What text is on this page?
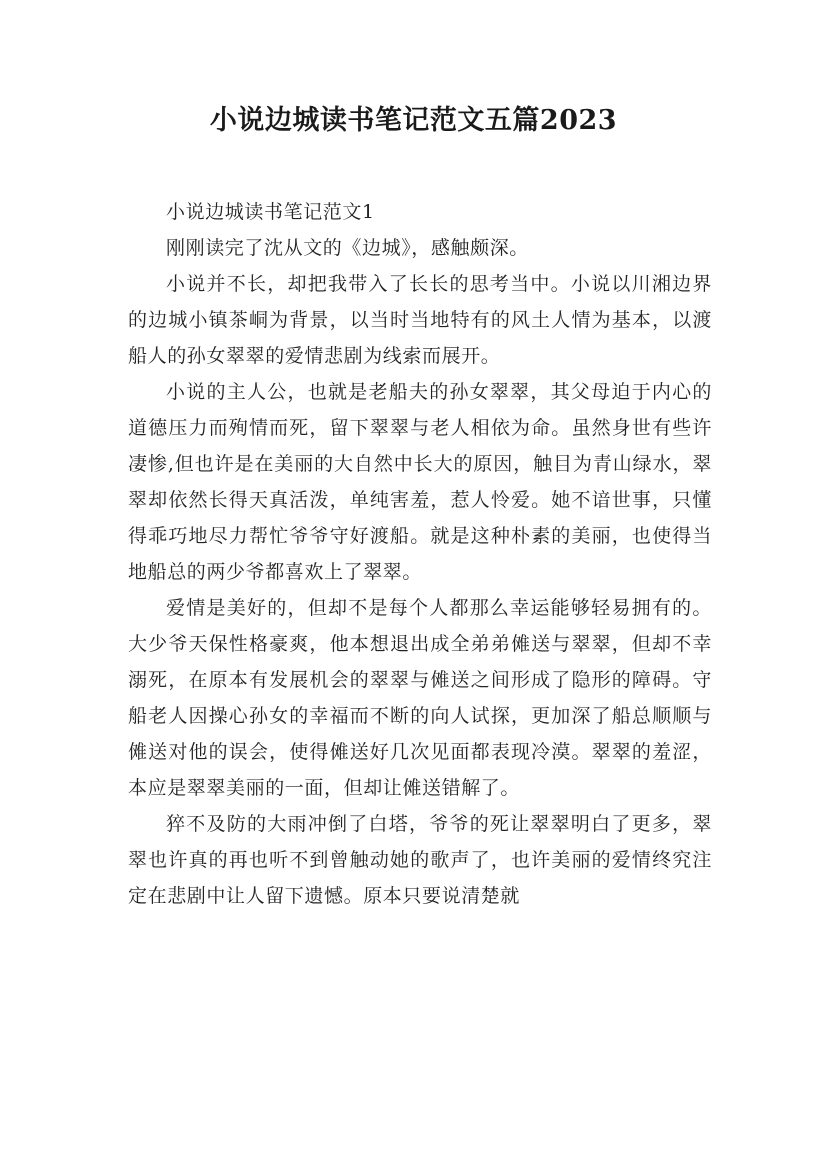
小说边城读书笔记范文五篇2023

小说边城读书笔记范文1

刚刚读完了沈从文的《边城》，感触颇深。

小说并不长，却把我带入了长长的思考当中。小说以川湘边界的边城小镇茶峒为背景，以当时当地特有的风土人情为基本，以渡船人的孙女翠翠的爱情悲剧为线索而展开。

小说的主人公，也就是老船夫的孙女翠翠，其父母迫于内心的道德压力而殉情而死，留下翠翠与老人相依为命。虽然身世有些许凄惨,但也许是在美丽的大自然中长大的原因，触目为青山绿水，翠翠却依然长得天真活泼，单纯害羞，惹人怜爱。她不谙世事，只懂得乖巧地尽力帮忙爷爷守好渡船。就是这种朴素的美丽，也使得当地船总的两少爷都喜欢上了翠翠。

爱情是美好的，但却不是每个人都那么幸运能够轻易拥有的。大少爷天保性格豪爽，他本想退出成全弟弟傩送与翠翠，但却不幸溺死，在原本有发展机会的翠翠与傩送之间形成了隐形的障碍。守船老人因操心孙女的幸福而不断的向人试探，更加深了船总顺顺与傩送对他的误会，使得傩送好几次见面都表现冷漠。翠翠的羞涩，本应是翠翠美丽的一面，但却让傩送错解了。

猝不及防的大雨冲倒了白塔，爷爷的死让翠翠明白了更多，翠翠也许真的再也听不到曾触动她的歌声了，也许美丽的爱情终究注定在悲剧中让人留下遗憾。原本只要说清楚就
